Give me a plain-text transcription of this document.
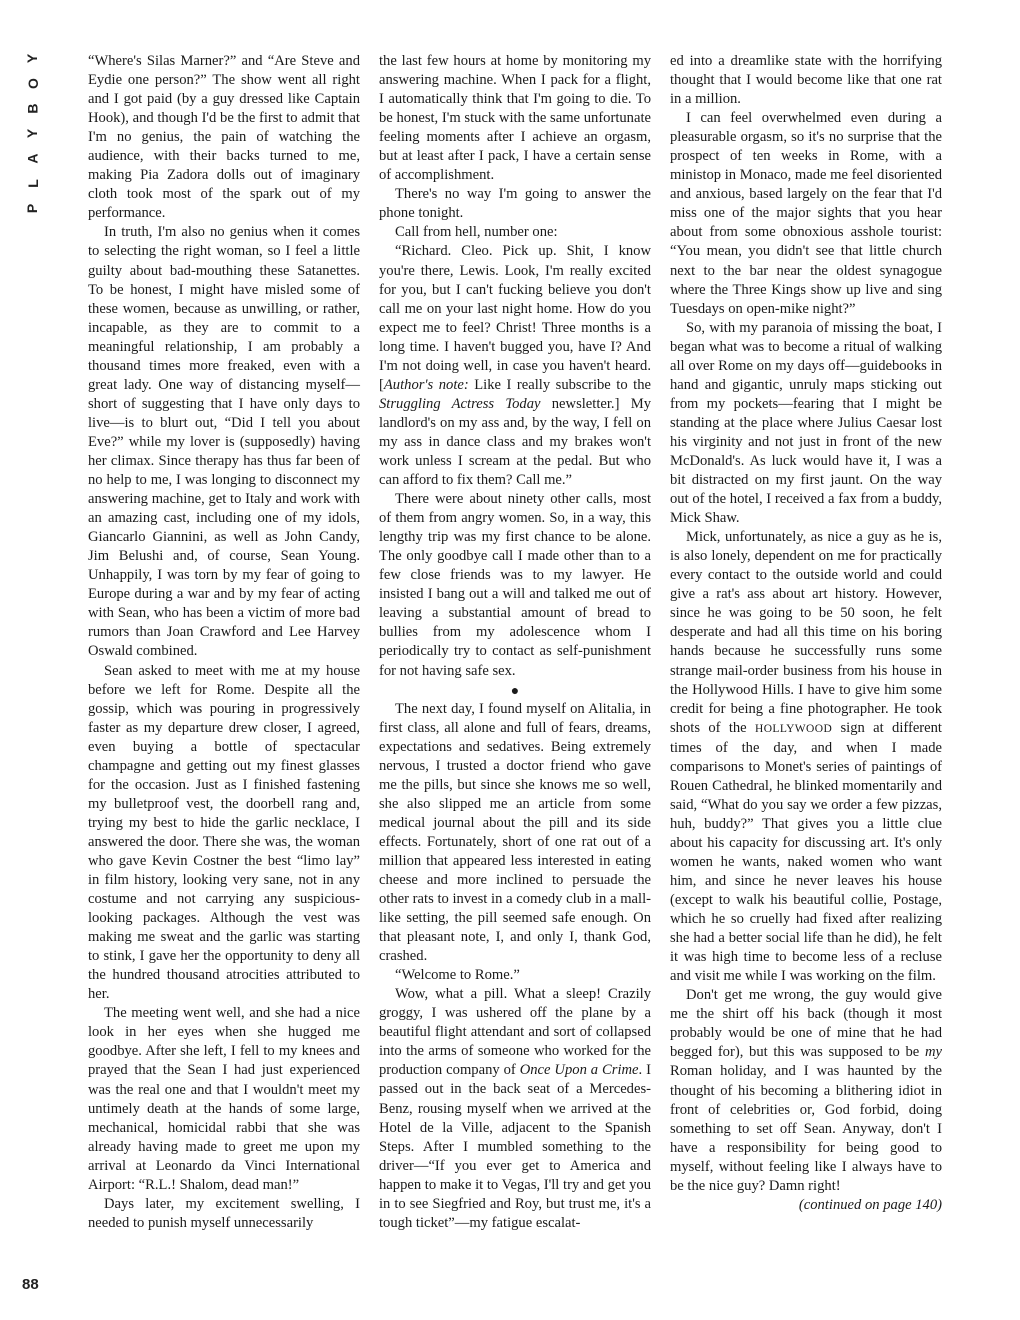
Y
O
B
Y
A
L
P
88

“Where's Silas Marner?” and “Are Steve and Eydie one person?” The show went all right and I got paid (by a guy dressed like Captain Hook), and though I'd be the first to admit that I'm no genius, the pain of watching the audience, with their backs turned to me, making Pia Zadora dolls out of imaginary cloth took most of the spark out of my performance.

In truth, I'm also no genius when it comes to selecting the right woman, so I feel a little guilty about bad-mouthing these Satanettes. To be honest, I might have misled some of these women, because as unwilling, or rather, incapable, as they are to commit to a meaningful relationship, I am probably a thousand times more freaked, even with a great lady. One way of distancing myself—short of suggesting that I have only days to live—is to blurt out, “Did I tell you about Eve?” while my lover is (supposedly) having her climax. Since therapy has thus far been of no help to me, I was longing to disconnect my answering machine, get to Italy and work with an amazing cast, including one of my idols, Giancarlo Giannini, as well as John Candy, Jim Belushi and, of course, Sean Young. Unhappily, I was torn by my fear of going to Europe during a war and by my fear of acting with Sean, who has been a victim of more bad rumors than Joan Crawford and Lee Harvey Oswald combined.

Sean asked to meet with me at my house before we left for Rome. Despite all the gossip, which was pouring in progressively faster as my departure drew closer, I agreed, even buying a bottle of spectacular champagne and getting out my finest glasses for the occasion. Just as I finished fastening my bulletproof vest, the doorbell rang and, trying my best to hide the garlic necklace, I answered the door. There she was, the woman who gave Kevin Costner the best “limo lay” in film history, looking very sane, not in any costume and not carrying any suspicious-looking packages. Although the vest was making me sweat and the garlic was starting to stink, I gave her the opportunity to deny all the hundred thousand atrocities attributed to her.

The meeting went well, and she had a nice look in her eyes when she hugged me goodbye. After she left, I fell to my knees and prayed that the Sean I had just experienced was the real one and that I wouldn't meet my untimely death at the hands of some large, mechanical, homicidal rabbi that she was already having made to greet me upon my arrival at Leonardo da Vinci International Airport: “R.L.! Shalom, dead man!”

Days later, my excitement swelling, I needed to punish myself unnecessarily

the last few hours at home by monitoring my answering machine. When I pack for a flight, I automatically think that I'm going to die. To be honest, I'm stuck with the same unfortunate feeling moments after I achieve an orgasm, but at least after I pack, I have a certain sense of accomplishment.

There's no way I'm going to answer the phone tonight.

Call from hell, number one:

“Richard. Cleo. Pick up. Shit, I know you're there, Lewis. Look, I'm really excited for you, but I can't fucking believe you don't call me on your last night home. How do you expect me to feel? Christ! Three months is a long time. I haven't bugged you, have I? And I'm not doing well, in case you haven't heard. [Author's note: Like I really subscribe to the Struggling Actress Today newsletter.] My landlord's on my ass and, by the way, I fell on my ass in dance class and my brakes won't work unless I scream at the pedal. But who can afford to fix them? Call me.”

There were about ninety other calls, most of them from angry women. So, in a way, this lengthy trip was my first chance to be alone. The only goodbye call I made other than to a few close friends was to my lawyer. He insisted I bang out a will and talked me out of leaving a substantial amount of bread to bullies from my adolescence whom I periodically try to contact as self-punishment for not having safe sex.

●

The next day, I found myself on Alitalia, in first class, all alone and full of fears, dreams, expectations and sedatives. Being extremely nervous, I trusted a doctor friend who gave me the pills, but since she knows me so well, she also slipped me an article from some medical journal about the pill and its side effects. Fortunately, short of one rat out of a million that appeared less interested in eating cheese and more inclined to persuade the other rats to invest in a comedy club in a mall-like setting, the pill seemed safe enough. On that pleasant note, I, and only I, thank God, crashed.

“Welcome to Rome.”

Wow, what a pill. What a sleep! Crazily groggy, I was ushered off the plane by a beautiful flight attendant and sort of collapsed into the arms of someone who worked for the production company of Once Upon a Crime. I passed out in the back seat of a Mercedes-Benz, rousing myself when we arrived at the Hotel de la Ville, adjacent to the Spanish Steps. After I mumbled something to the driver—“If you ever get to America and happen to make it to Vegas, I'll try and get you in to see Siegfried and Roy, but trust me, it's a tough ticket”—my fatigue escalat-

ed into a dreamlike state with the horrifying thought that I would become like that one rat in a million.

I can feel overwhelmed even during a pleasurable orgasm, so it's no surprise that the prospect of ten weeks in Rome, with a ministop in Monaco, made me feel disoriented and anxious, based largely on the fear that I'd miss one of the major sights that you hear about from some obnoxious asshole tourist: “You mean, you didn't see that little church next to the bar near the oldest synagogue where the Three Kings show up live and sing Tuesdays on open-mike night?”

So, with my paranoia of missing the boat, I began what was to become a ritual of walking all over Rome on my days off—guidebooks in hand and gigantic, unruly maps sticking out from my pockets—fearing that I might be standing at the place where Julius Caesar lost his virginity and not just in front of the new McDonald's. As luck would have it, I was a bit distracted on my first jaunt. On the way out of the hotel, I received a fax from a buddy, Mick Shaw.

Mick, unfortunately, as nice a guy as he is, is also lonely, dependent on me for practically every contact to the outside world and could give a rat's ass about art history. However, since he was going to be 50 soon, he felt desperate and had all this time on his boring hands because he successfully runs some strange mail-order business from his house in the Hollywood Hills. I have to give him some credit for being a fine photographer. He took shots of the HOLLYWOOD sign at different times of the day, and when I made comparisons to Monet's series of paintings of Rouen Cathedral, he blinked momentarily and said, “What do you say we order a few pizzas, huh, buddy?” That gives you a little clue about his capacity for discussing art. It's only women he wants, naked women who want him, and since he never leaves his house (except to walk his beautiful collie, Postage, which he so cruelly had fixed after realizing she had a better social life than he did), he felt it was high time to become less of a recluse and visit me while I was working on the film.

Don't get me wrong, the guy would give me the shirt off his back (though it most probably would be one of mine that he had begged for), but this was supposed to be my Roman holiday, and I was haunted by the thought of his becoming a blithering idiot in front of celebrities or, God forbid, doing something to set off Sean. Anyway, don't I have a responsibility for being good to myself, without feeling like I always have to be the nice guy? Damn right!

(continued on page 140)
